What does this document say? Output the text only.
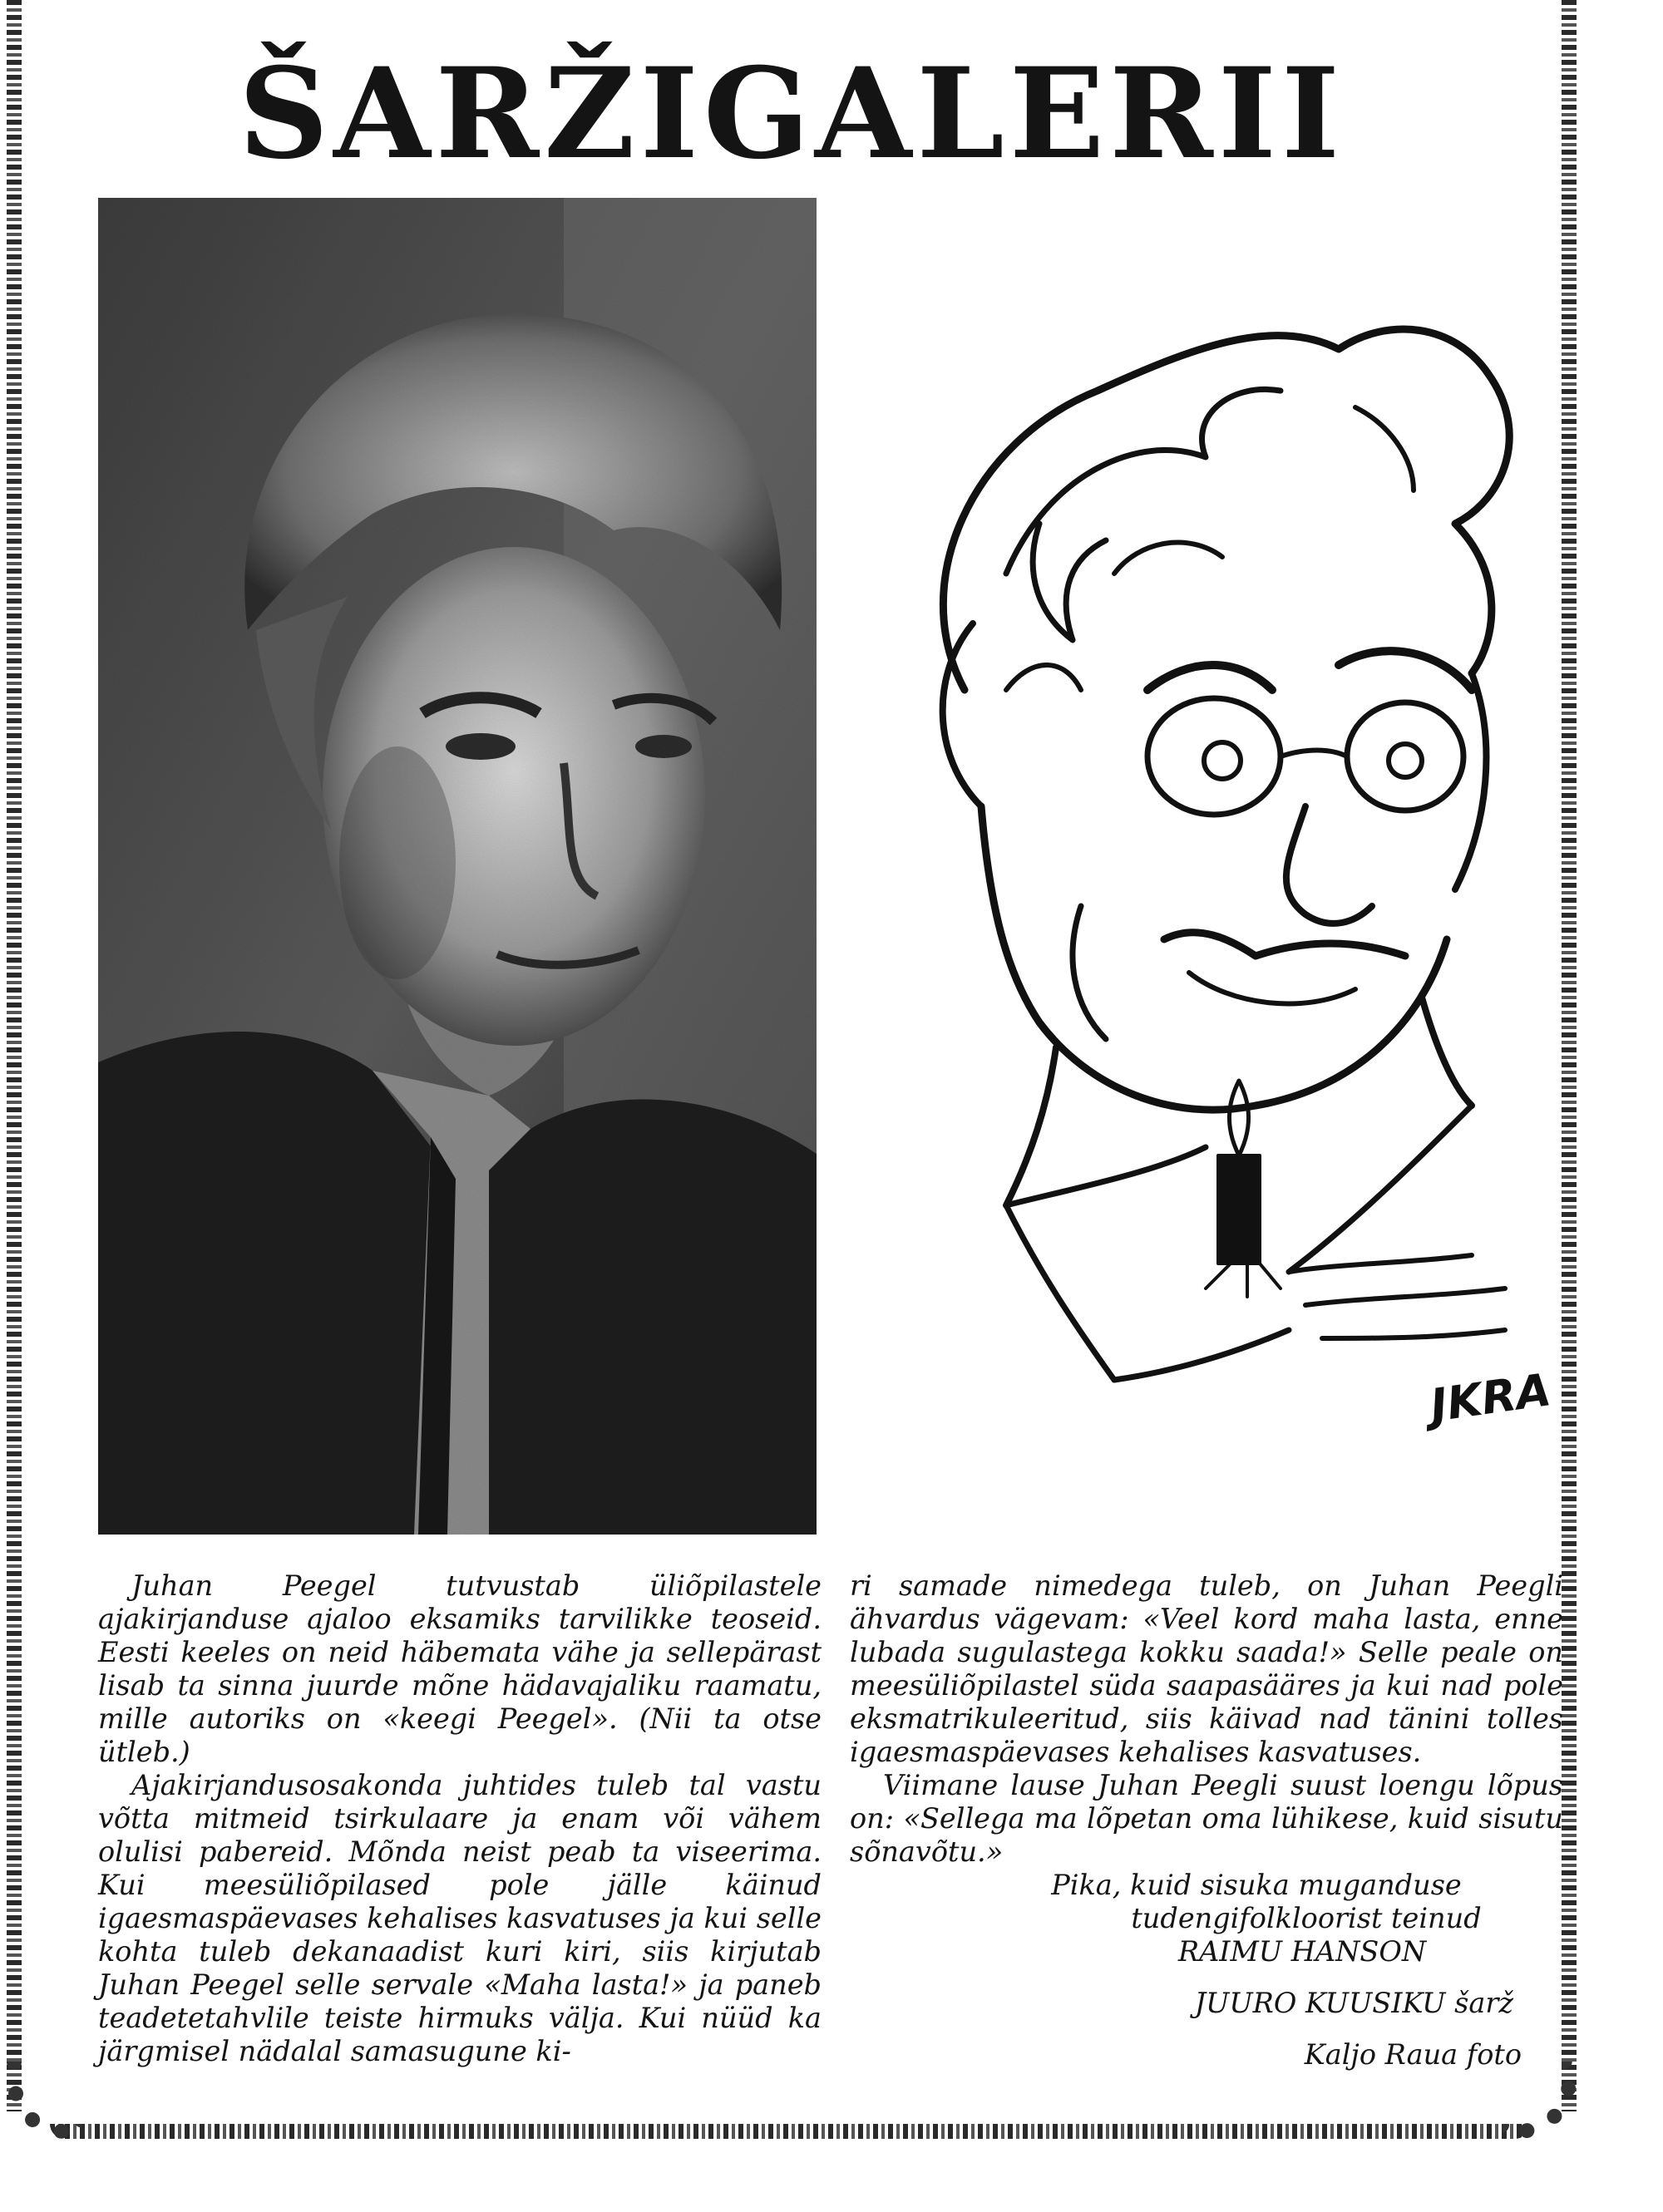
ŠARŽIGALERII
JKRA

Juhan Peegel tutvustab üliõpilastele ajakirjanduse ajaloo eksamiks tarvilikke teoseid. Eesti keeles on neid häbemata vähe ja sellepärast lisab ta sinna juurde mõne hädavajaliku raamatu, mille autoriks on «keegi Peegel». (Nii ta otse ütleb.)

Ajakirjandusosakonda juhtides tuleb tal vastu võtta mitmeid tsirkulaare ja enam või vähem olulisi pabereid. Mõnda neist peab ta viseerima. Kui meesüliõpilased pole jälle käinud igaesmaspäevases kehalises kasvatuses ja kui selle kohta tuleb dekanaadist kuri kiri, siis kirjutab Juhan Peegel selle servale «Maha lasta!» ja paneb teadetetahvlile teiste hirmuks välja. Kui nüüd ka järgmisel nädalal samasugune ki-

ri samade nimedega tuleb, on Juhan Peegli ähvardus vägevam: «Veel kord maha lasta, enne lubada sugulastega kokku saada!» Selle peale on meesüliõpilastel süda saapasääres ja kui nad pole eksmatrikuleeritud, siis käivad nad tänini tolles igaesmaspäevases kehalises kasvatuses.

Viimane lause Juhan Peegli suust loengu lõpus on: «Sellega ma lõpetan oma lühikese, kuid sisutu sõnavõtu.»

Pika, kuid sisuka muganduse

tudengifolkloorist teinud

RAIMU HANSON

JUURO KUUSIKU šarž

Kaljo Raua foto
